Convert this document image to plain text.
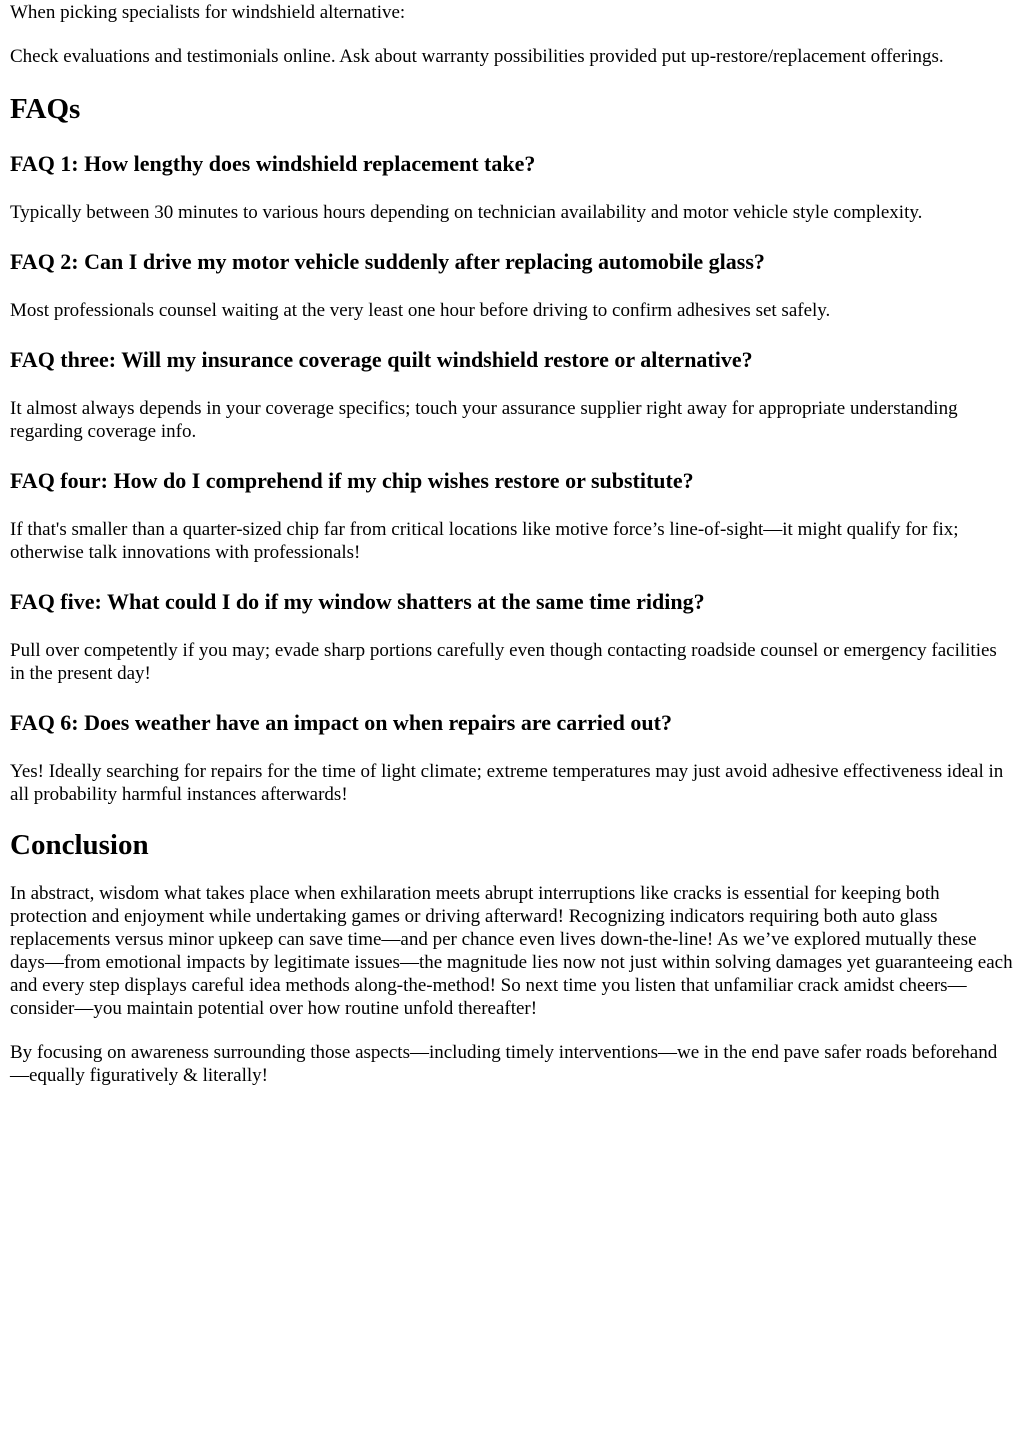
When picking specialists for windshield alternative:

Check evaluations and testimonials online. Ask about warranty possibilities provided put up-restore/replacement offerings.

FAQs
FAQ 1: How lengthy does windshield replacement take?

Typically between 30 minutes to various hours depending on technician availability and motor vehicle style complexity.

FAQ 2: Can I drive my motor vehicle suddenly after replacing automobile glass?

Most professionals counsel waiting at the very least one hour before driving to confirm adhesives set safely.

FAQ three: Will my insurance coverage quilt windshield restore or alternative?

It almost always depends in your coverage specifics; touch your assurance supplier right away for appropriate understanding regarding coverage info.

FAQ four: How do I comprehend if my chip wishes restore or substitute?

If that's smaller than a quarter-sized chip far from critical locations like motive force’s line-of-sight—it might qualify for fix; otherwise talk innovations with professionals!

FAQ five: What could I do if my window shatters at the same time riding?

Pull over competently if you may; evade sharp portions carefully even though contacting roadside counsel or emergency facilities in the present day!

FAQ 6: Does weather have an impact on when repairs are carried out?

Yes! Ideally searching for repairs for the time of light climate; extreme temperatures may just avoid adhesive effectiveness ideal in all probability harmful instances afterwards!

Conclusion

In abstract, wisdom what takes place when exhilaration meets abrupt interruptions like cracks is essential for keeping both protection and enjoyment while undertaking games or driving afterward! Recognizing indicators requiring both auto glass replacements versus minor upkeep can save time—and per chance even lives down-the-line! As we’ve explored mutually these days—from emotional impacts by legitimate issues—the magnitude lies now not just within solving damages yet guaranteeing each and every step displays careful idea methods along-the-method! So next time you listen that unfamiliar crack amidst cheers—consider—you maintain potential over how routine unfold thereafter!

By focusing on awareness surrounding those aspects—including timely interventions—we in the end pave safer roads beforehand—equally figuratively & literally!
